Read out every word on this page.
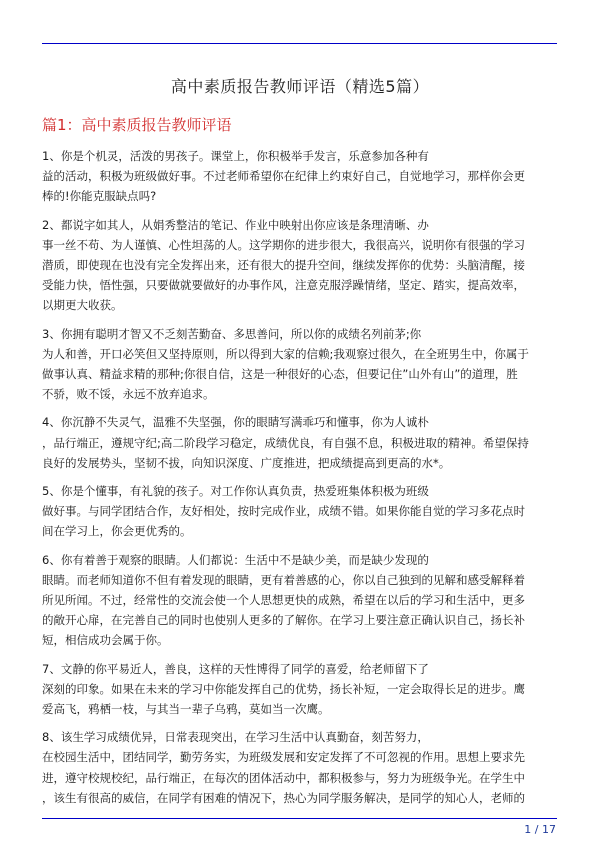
高中素质报告教师评语（精选5篇）
篇1：高中素质报告教师评语

1、你是个机灵，活泼的男孩子。课堂上，你积极举手发言，乐意参加各种有
益的活动，积极为班级做好事。不过老师希望你在纪律上约束好自己，自觉地学习，那样你会更
棒的!你能克服缺点吗?

2、都说字如其人，从娟秀整洁的笔记、作业中映射出你应该是条理清晰、办
事一丝不苟、为人谨慎、心性坦荡的人。这学期你的进步很大，我很高兴，说明你有很强的学习
潜质，即使现在也没有完全发挥出来，还有很大的提升空间，继续发挥你的优势：头脑清醒，接
受能力快，悟性强，只要做就要做好的办事作风，注意克服浮躁情绪，坚定、踏实，提高效率，
以期更大收获。

3、你拥有聪明才智又不乏刻苦勤奋、多思善问，所以你的成绩名列前茅;你
为人和善，开口必笑但又坚持原则，所以得到大家的信赖;我观察过很久，在全班男生中，你属于
做事认真、精益求精的那种;你很自信，这是一种很好的心态，但要记住”山外有山”的道理，胜
不骄，败不馁，永远不放弃追求。

4、你沉静不失灵气，温雅不失坚强，你的眼睛写满乖巧和懂事，你为人诚朴
，品行端正，遵规守纪;高二阶段学习稳定，成绩优良，有自强不息，积极进取的精神。希望保持
良好的发展势头，坚韧不拔，向知识深度、广度推进，把成绩提高到更高的水*。

5、你是个懂事，有礼貌的孩子。对工作你认真负责，热爱班集体积极为班级
做好事。与同学团结合作，友好相处，按时完成作业，成绩不错。如果你能自觉的学习多花点时
间在学习上，你会更优秀的。

6、你有着善于观察的眼睛。人们都说：生活中不是缺少美，而是缺少发现的
眼睛。而老师知道你不但有着发现的眼睛，更有着善感的心，你以自己独到的见解和感受解释着
所见所闻。不过，经常性的交流会使一个人思想更快的成熟，希望在以后的学习和生活中，更多
的敞开心扉，在完善自己的同时也使别人更多的了解你。在学习上要注意正确认识自己，扬长补
短，相信成功会属于你。

7、文静的你平易近人，善良，这样的天性博得了同学的喜爱，给老师留下了
深刻的印象。如果在未来的学习中你能发挥自己的优势，扬长补短，一定会取得长足的进步。鹰
爱高飞，鸦栖一枝，与其当一辈子乌鸦，莫如当一次鹰。

8、该生学习成绩优异，日常表现突出，在学习生活中认真勤奋，刻苦努力，
在校园生活中，团结同学，勤劳务实，为班级发展和安定发挥了不可忽视的作用。思想上要求先
进，遵守校规校纪，品行端正，在每次的团体活动中，都积极参与，努力为班级争光。在学生中
，该生有很高的威信，在同学有困难的情况下，热心为同学服务解决，是同学的知心人，老师的

1 / 17
